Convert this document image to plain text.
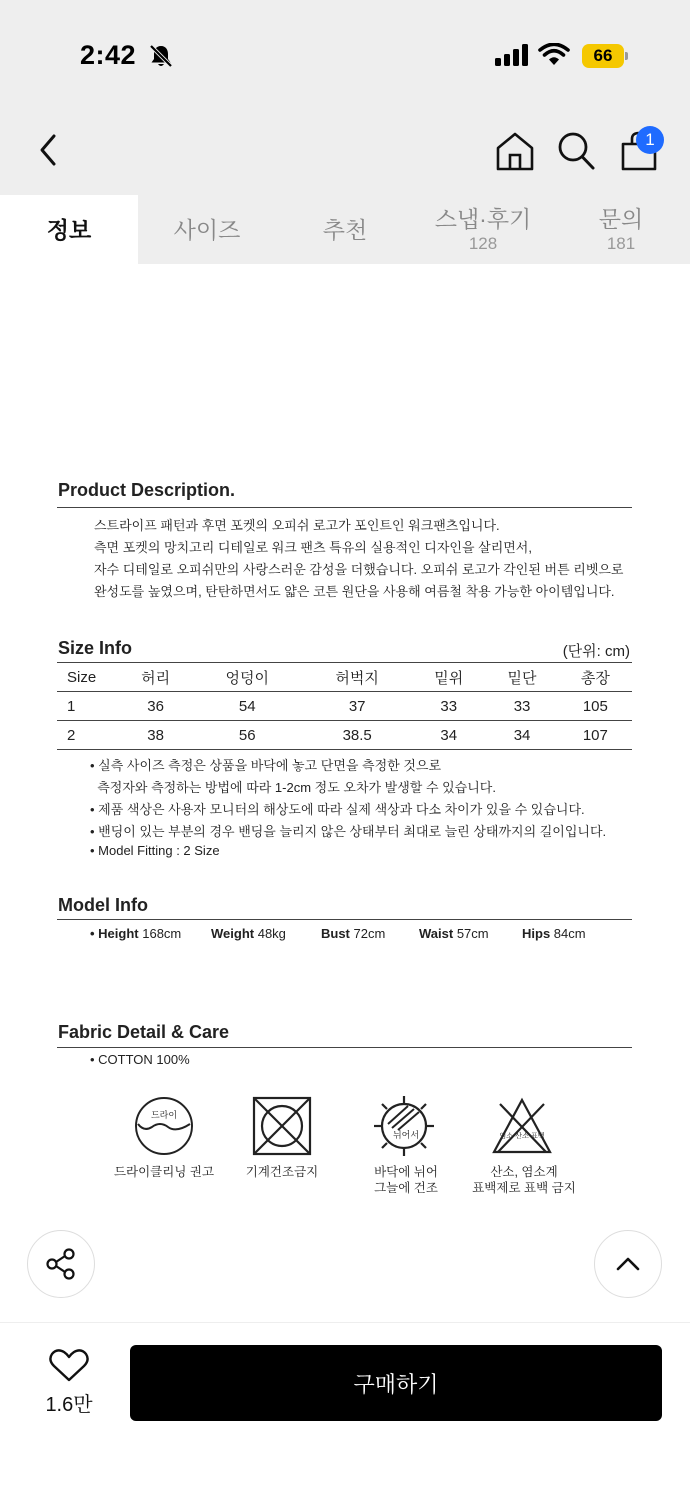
2:42	66
1
정보	사이즈	추천	스냅·후기
128
문의
181
Product Description.
스트라이프 패턴과 후면 포켓의 오피쉬 로고가 포인트인 워크팬츠입니다.
측면 포켓의 망치고리 디테일로 워크 팬츠 특유의 실용적인 디자인을 살리면서,
자수 디테일로 오피쉬만의 사랑스러운 감성을 더했습니다. 오피쉬 로고가 각인된 버튼 리벳으로
완성도를 높였으며, 탄탄하면서도 얇은 코튼 원단을 사용해 여름철 착용 가능한 아이템입니다.
Size Info	(단위: cm)
Size	허리	엉덩이	허벅지	밑위	밑단	총장
1	36	54	37	33	33	105
2	38	56	38.5	34	34	107
• 실측 사이즈 측정은 상품을 바닥에 놓고 단면을 측정한 것으로
측정자와 측정하는 방법에 따라 1-2cm 정도 오차가 발생할 수 있습니다.
• 제품 색상은 사용자 모니터의 해상도에 따라 실제 색상과 다소 차이가 있을 수 있습니다.
• 밴딩이 있는 부분의 경우 밴딩을 늘리지 않은 상태부터 최대로 늘린 상태까지의 길이입니다.
• Model Fitting : 2 Size
Model Info
• Height 168cm Weight 48kg	Bust 72cm	Waist 57cm	Hips 84cm
Fabric Detail & Care
• COTTON 100%
드라이
뉘어서	염소 산소 표백
드라이클리닝 권고	기계건조금지	바닥에 뉘어
그늘에 건조
산소, 염소계
표백제로 표백 금지
1.6만
구매하기
